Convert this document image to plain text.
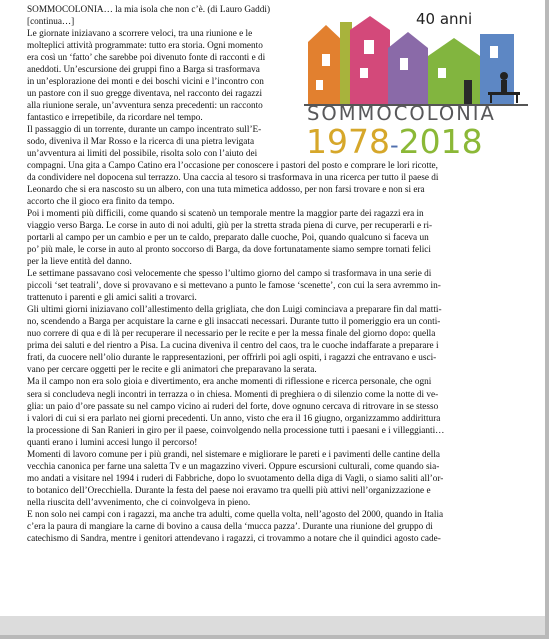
40 anni
SOMMOCOLONIA
1978-2018
SOMMOCOLONIA… la mia isola che non c’è. (di Lauro Gaddi)
[continua…]
Le giornate iniziavano a scorrere veloci, tra una riunione e le
molteplici attività programmate: tutto era storia. Ogni momento
era così un ‘fatto’ che sarebbe poi divenuto fonte di racconti e di
aneddoti. Un’escursione dei gruppi fino a Barga si trasformava
in un’esplorazione dei monti e dei boschi vicini e l’incontro con
un pastore con il suo gregge diventava, nel racconto dei ragazzi
alla riunione serale, un’avventura senza precedenti: un racconto
fantastico e irrepetibile, da ricordare nel tempo.
Il passaggio di un torrente, durante un campo incentrato sull’E-
sodo, diveniva il Mar Rosso e la ricerca di una pietra levigata
un’avventura ai limiti del possibile, risolta solo con l’aiuto dei
compagni. Una gita a Campo Catino era l’occasione per conoscere i pastori del posto e comprare le lori ricotte,
da condividere nel dopocena sul terrazzo. Una caccia al tesoro si trasformava in una ricerca per tutto il paese di
Leonardo che si era nascosto su un albero, con una tuta mimetica addosso, per non farsi trovare e non si era
accorto che il gioco era finito da tempo.
Poi i momenti più difficili, come quando si scatenò un temporale mentre la maggior parte dei ragazzi era in
viaggio verso Barga. Le corse in auto di noi adulti, giù per la stretta strada piena di curve, per recuperarli e ri-
portarli al campo per un cambio e per un te caldo, preparato dalle cuoche, Poi, quando qualcuno si faceva un
po’ più male, le corse in auto al pronto soccorso di Barga, da dove fortunatamente siamo sempre tornati felici
per la lieve entità del danno.
Le settimane passavano così velocemente che spesso l’ultimo giorno del campo si trasformava in una serie di
piccoli ‘set teatrali’, dove si provavano e si mettevano a punto le famose ‘scenette’, con cui la sera avremmo in-
trattenuto i parenti e gli amici saliti a trovarci.
Gli ultimi giorni iniziavano coll’allestimento della grigliata, che don Luigi cominciava a preparare fin dal matti-
no, scendendo a Barga per acquistare la carne e gli insaccati necessari. Durante tutto il pomeriggio era un conti-
nuo correre di qua e di là per recuperare il necessario per le recite e per la messa finale del giorno dopo: quella
prima dei saluti e del rientro a Pisa. La cucina diveniva il centro del caos, tra le cuoche indaffarate a preparare i
frati, da cuocere nell’olio durante le rappresentazioni, per offrirli poi agli ospiti, i ragazzi che entravano e usci-
vano per cercare oggetti per le recite e gli animatori che preparavano la serata.
Ma il campo non era solo gioia e divertimento, era anche momenti di riflessione e ricerca personale, che ogni
sera si concludeva negli incontri in terrazza o in chiesa. Momenti di preghiera o di silenzio come la notte di ve-
glia: un paio d’ore passate su nel campo vicino ai ruderi del forte, dove ognuno cercava di ritrovare in se stesso
i valori di cui si era parlato nei giorni precedenti. Un anno, visto che era il 16 giugno, organizzammo addirittura
la processione di San Ranieri in giro per il paese, coinvolgendo nella processione tutti i paesani e i villeggianti…
quanti erano i lumini accesi lungo il percorso!
Momenti di lavoro comune per i più grandi, nel sistemare e migliorare le pareti e i pavimenti delle cantine della
vecchia canonica per farne una saletta Tv e un magazzino viveri. Oppure escursioni culturali, come quando sia-
mo andati a visitare nel 1994 i ruderi di Fabbriche, dopo lo svuotamento della diga di Vagli, o siamo saliti all’or-
to botanico dell’Orecchiella. Durante la festa del paese noi eravamo tra quelli più attivi nell’organizzazione e
nella riuscita dell’avvenimento, che ci coinvolgeva in pieno.
E non solo nei campi con i ragazzi, ma anche tra adulti, come quella volta, nell’agosto del 2000, quando in Italia
c’era la paura di mangiare la carne di bovino a causa della ‘mucca pazza’. Durante una riunione del gruppo di
catechismo di Sandra, mentre i genitori attendevano i ragazzi, ci trovammo a notare che il quindici agosto cade-
